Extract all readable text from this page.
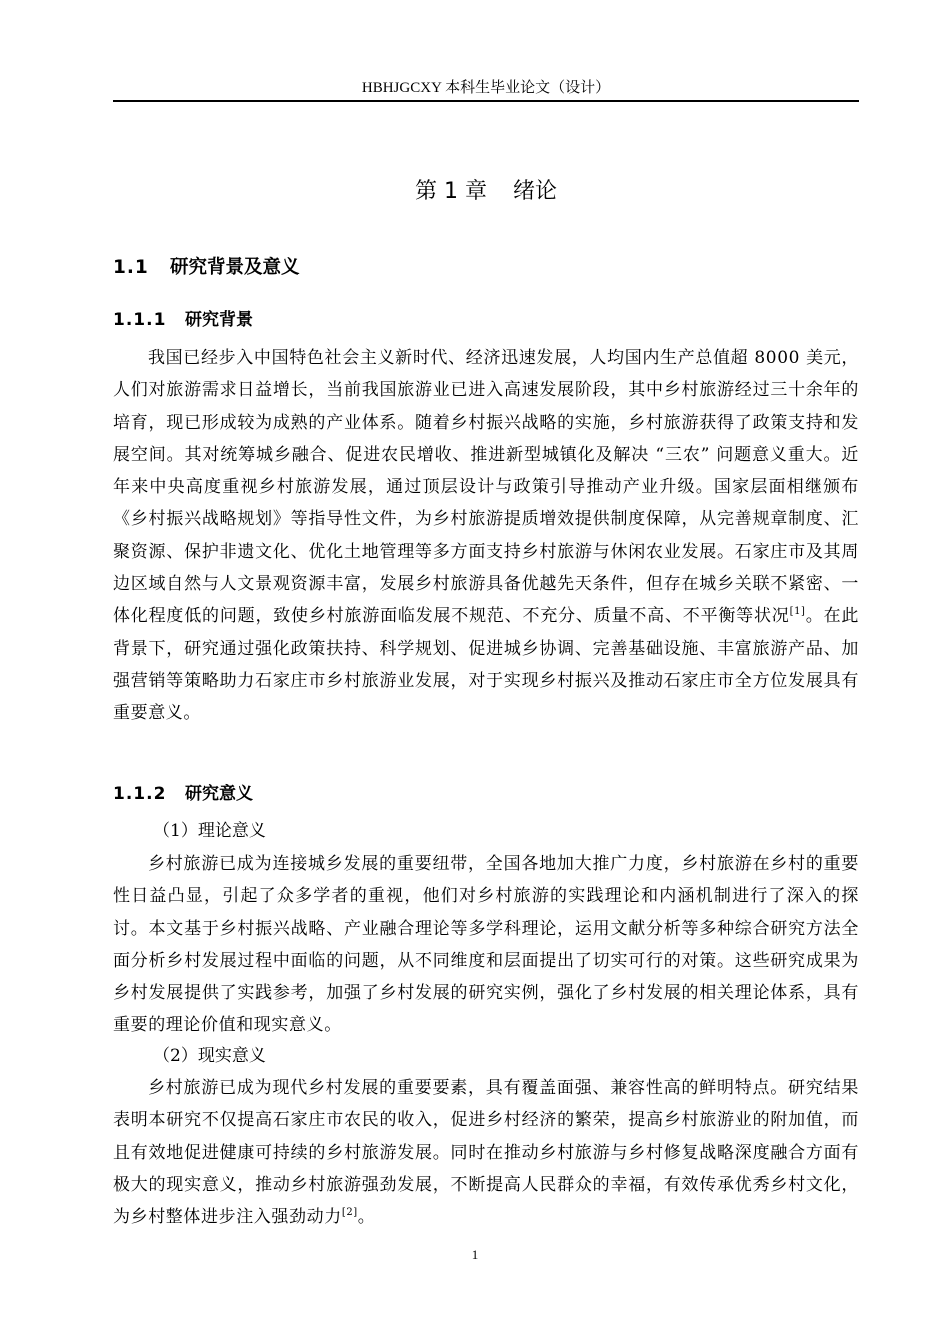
HBHJGCXY 本科生毕业论文（设计）
第 1 章 绪论
1.1 研究背景及意义
1.1.1 研究背景

我国已经步入中国特色社会主义新时代、经济迅速发展，人均国内生产总值超 8000 美元，人们对旅游需求日益增长，当前我国旅游业已进入高速发展阶段，其中乡村旅游经过三十余年的培育，现已形成较为成熟的产业体系。随着乡村振兴战略的实施，乡村旅游获得了政策支持和发展空间。其对统筹城乡融合、促进农民增收、推进新型城镇化及解决 “三农” 问题意义重大。近年来中央高度重视乡村旅游发展，通过顶层设计与政策引导推动产业升级。国家层面相继颁布《乡村振兴战略规划》等指导性文件，为乡村旅游提质增效提供制度保障，从完善规章制度、汇聚资源、保护非遗文化、优化土地管理等多方面支持乡村旅游与休闲农业发展。石家庄市及其周边区域自然与人文景观资源丰富，发展乡村旅游具备优越先天条件，但存在城乡关联不紧密、一体化程度低的问题，致使乡村旅游面临发展不规范、不充分、质量不高、不平衡等状况[1]。在此背景下，研究通过强化政策扶持、科学规划、促进城乡协调、完善基础设施、丰富旅游产品、加强营销等策略助力石家庄市乡村旅游业发展，对于实现乡村振兴及推动石家庄市全方位发展具有重要意义。

1.1.2 研究意义

（1）理论意义

乡村旅游已成为连接城乡发展的重要纽带，全国各地加大推广力度，乡村旅游在乡村的重要性日益凸显，引起了众多学者的重视，他们对乡村旅游的实践理论和内涵机制进行了深入的探讨。本文基于乡村振兴战略、产业融合理论等多学科理论，运用文献分析等多种综合研究方法全面分析乡村发展过程中面临的问题，从不同维度和层面提出了切实可行的对策。这些研究成果为乡村发展提供了实践参考，加强了乡村发展的研究实例，强化了乡村发展的相关理论体系，具有重要的理论价值和现实意义。

（2）现实意义

乡村旅游已成为现代乡村发展的重要要素，具有覆盖面强、兼容性高的鲜明特点。研究结果表明本研究不仅提高石家庄市农民的收入，促进乡村经济的繁荣，提高乡村旅游业的附加值，而且有效地促进健康可持续的乡村旅游发展。同时在推动乡村旅游与乡村修复战略深度融合方面有极大的现实意义，推动乡村旅游强劲发展，不断提高人民群众的幸福，有效传承优秀乡村文化，为乡村整体进步注入强劲动力[2]。

1
